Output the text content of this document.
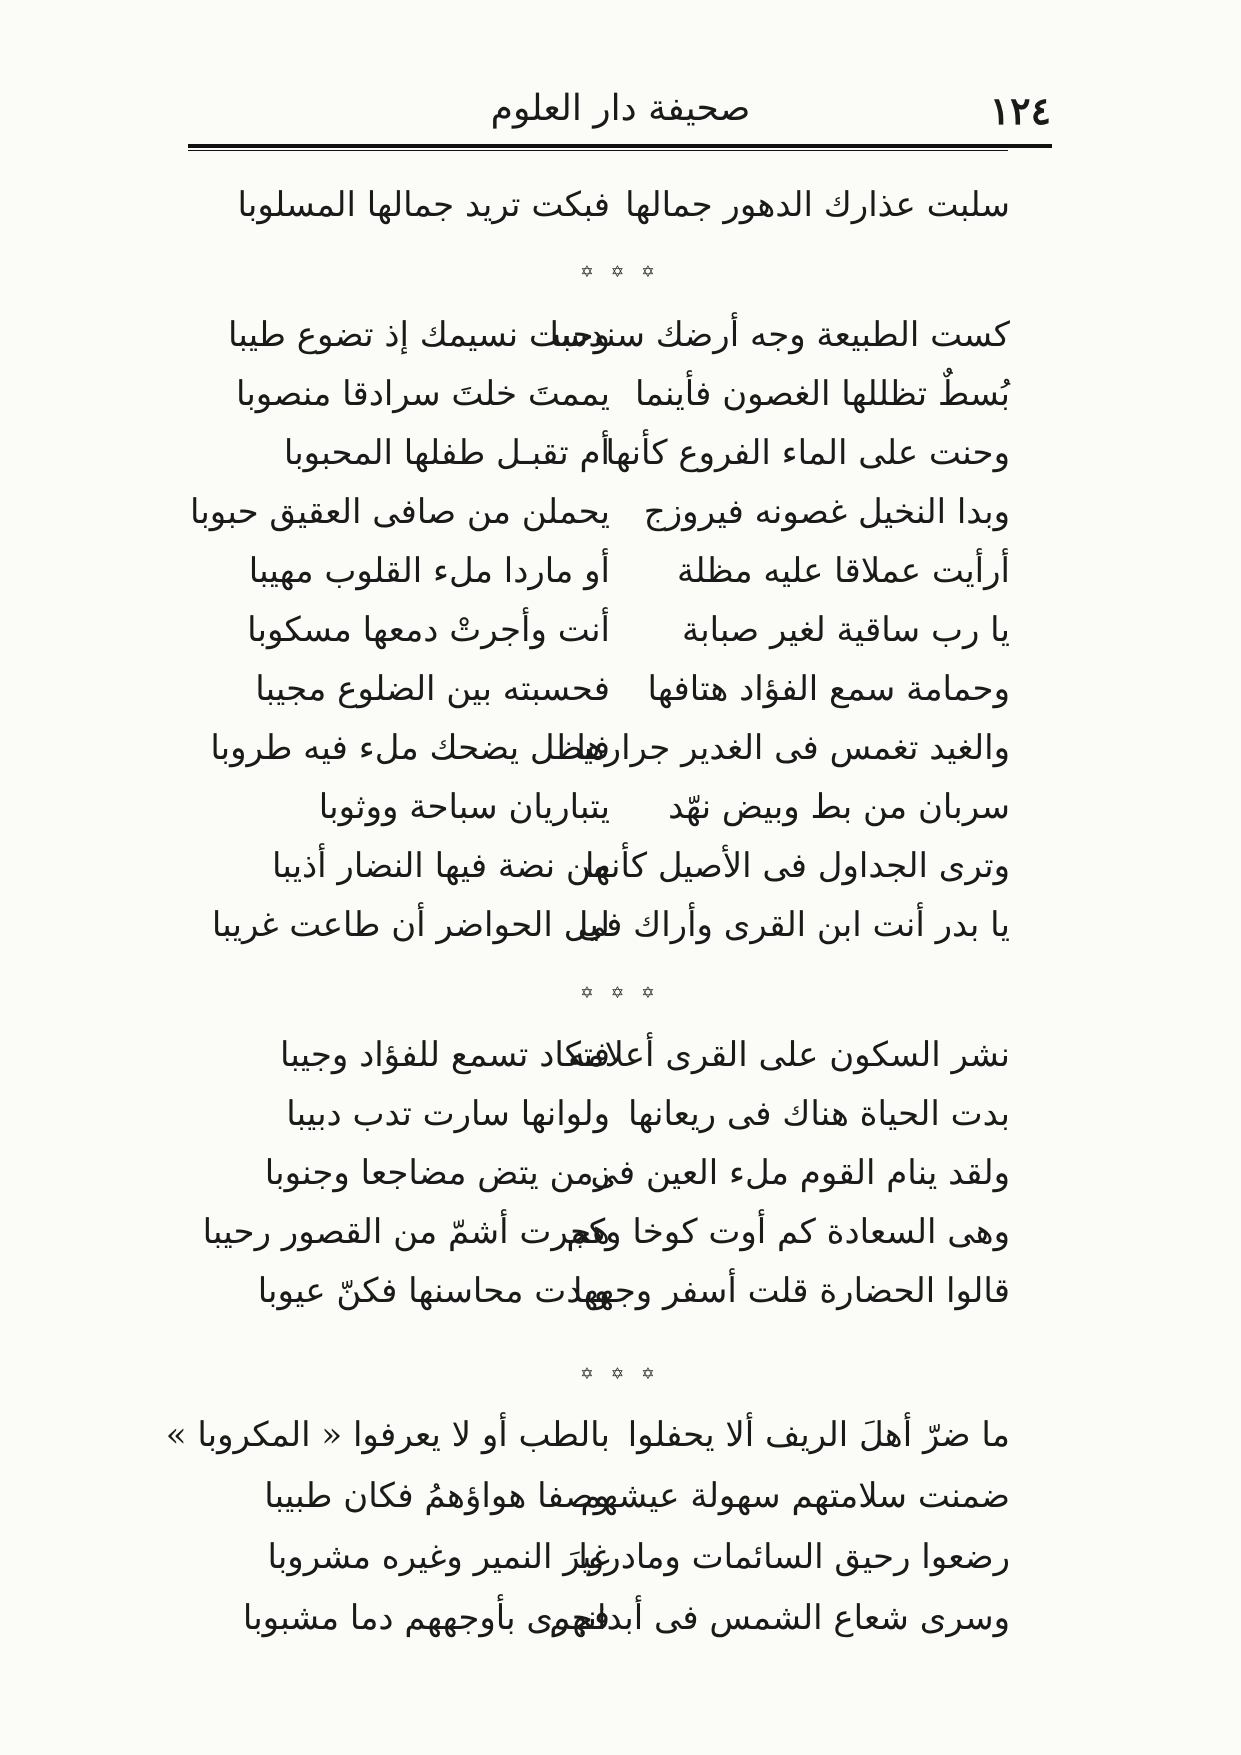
١٢٤
صحيفة دار العلوم
سلبت عذارك الدهور جمالها
فبكت تريد جمالها المسلوبا
✡ ✡ ✡
كست الطبيعة وجه أرضك سندسا
وحبت نسيمك إذ تضوع طيبا
بُسطٌ تظللها الغصون فأينما
يممتَ خلتَ سرادقا منصوبا
وحنت على الماء الفروع كأنها
أم تقبـل طفلها المحبوبا
وبدا النخيل غصونه فيروزج
يحملن من صافى العقيق حبوبا
أرأيت عملاقا عليه مظلة
أو ماردا ملء القلوب مهيبا
يا رب ساقية لغير صبابة
أنت وأجرتْ دمعها مسكوبا
وحمامة سمع الفؤاد هتافها
فحسبته بين الضلوع مجيبا
والغيد تغمس فى الغدير جرارها
فيظل يضحك ملء فيه طروبا
سربان من بط وبيض نهّد
يتباريان سباحة ووثوبا
وترى الجداول فى الأصيل كأنها
من نضة فيها النضار أذيبا
يا بدر أنت ابن القرى وأراك فى
ليل الحواضر أن طاعت غريبا
✡ ✡ ✡
نشر السكون على القرى أعلامه
فتكاد تسمع للفؤاد وجيبا
بدت الحياة هناك فى ريعانها
ولوانها سارت تدب دبيبا
ولقد ينام القوم ملء العين فى
زمن يتض مضاجعا وجنوبا
وهى السعادة كم أوت كوخا وكم
هجرت أشمّ من القصور رحيبا
قالوا الحضارة قلت أسفر وجهها
وبدت محاسنها فكنّ عيوبا
✡ ✡ ✡
ما ضرّ أهلَ الريف ألا يحفلوا
بالطب أو لا يعرفوا « المكروبا »
ضمنت سلامتهم سهولة عيشهم
وصفا هواؤهمُ فكان طبيبا
رضعوا رحيق السائمات ومادروا
غيرَ النمير وغيره مشروبا
وسرى شعاع الشمس فى أبدانهم
فجرى بأوجههم دما مشبوبا
